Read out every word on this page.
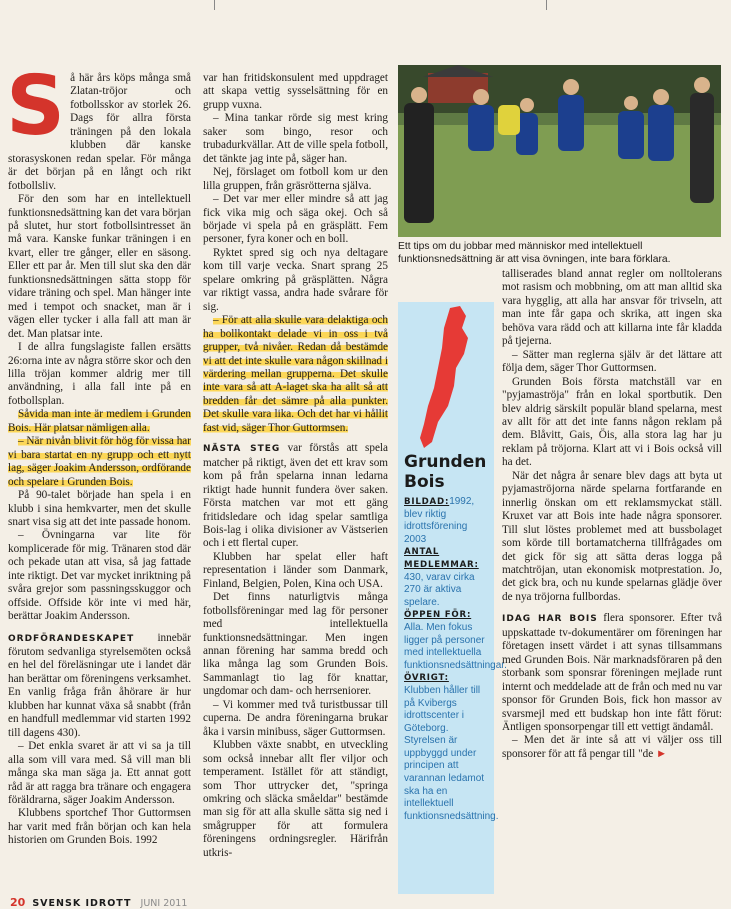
S å här års köps många små Zlatan-tröjor och fotbollsskor av storlek 26. Dags för allra första träningen på den lokala klubben där kanske storasyskonen redan spelar. För många är det början på en långt och rikt fotbollsliv.

För den som har en intellektuell funktionsnedsättning kan det vara början på slutet, hur stort fotbollsintresset än må vara. Kanske funkar träningen i en kvart, eller tre gånger, eller en säsong. Eller ett par år. Men till slut ska den där funktionsnedsättningen sätta stopp för vidare träning och spel. Man hänger inte med i tempot och snacket, man är i vägen eller tycker i alla fall att man är det. Man platsar inte.

I de allra fungslagiste fallen ersätts 26:orna inte av några större skor och den lilla tröjan kommer aldrig mer till användning, i alla fall inte på en fotbollsplan.

Såvida man inte är medlem i Grunden Bois. Här platsar nämligen alla.

– När nivån blivit för hög för vissa har vi bara startat en ny grupp och ett nytt lag, säger Joakim Andersson, ordförande och spelare i Grunden Bois.

På 90-talet började han spela i en klubb i sina hemkvarter, men det skulle snart visa sig att det inte passade honom.

– Övningarna var lite för komplicerade för mig. Tränaren stod där och pekade utan att visa, så jag fattade inte riktigt. Det var mycket inriktning på svåra grejor som passningsskuggor och offside. Offside kör inte vi med här, berättar Joakim Andersson.

ORDFÖRANDESKAPET innebär förutom sedvanliga styrelsemöten också en hel del föreläsningar ute i landet där han berättar om föreningens verksamhet. En vanlig fråga från åhörare är hur klubben har kunnat växa så snabbt (från en handfull medlemmar vid starten 1992 till dagens 430).

– Det enkla svaret är att vi sa ja till alla som vill vara med. Så vill man bli många ska man säga ja. Ett annat gott råd är att ragga bra tränare och engagera föräldrarna, säger Joakim Andersson.

Klubbens sportchef Thor Guttormsen har varit med från början och kan hela historien om Grunden Bois. 1992

var han fritidskonsulent med uppdraget att skapa vettig sysselsättning för en grupp vuxna.

– Mina tankar rörde sig mest kring saker som bingo, resor och trubadurkvällar. Att de ville spela fotboll, det tänkte jag inte på, säger han.

Nej, förslaget om fotboll kom ur den lilla gruppen, från gräsrötterna själva.

– Det var mer eller mindre så att jag fick vika mig och säga okej. Och så började vi spela på en gräsplätt. Fem personer, fyra koner och en boll.

Ryktet spred sig och nya deltagare kom till varje vecka. Snart sprang 25 spelare omkring på gräsplätten. Några var riktigt vassa, andra hade svårare för sig.

– För att alla skulle vara delaktiga och ha bollkontakt delade vi in oss i två grupper, två nivåer. Redan då bestämde vi att det inte skulle vara någon skillnad i värdering mellan grupperna. Det skulle inte vara så att A-laget ska ha allt så att bredden får det sämre på alla punkter. Det skulle vara lika. Och det har vi hållit fast vid, säger Thor Guttormsen.

NÄSTA STEG var förstås att spela matcher på riktigt, även det ett krav som kom på från spelarna innan ledarna riktigt hade hunnit fundera över saken. Första matchen var mot ett gäng fritidsledare och idag spelar samtliga Bois-lag i olika divisioner av Västserien och i ett flertal cuper.

Klubben har spelat eller haft representation i länder som Danmark, Finland, Belgien, Polen, Kina och USA.

Det finns naturligtvis många fotbollsföreningar med lag för personer med intellektuella funktionsnedsättningar. Men ingen annan förening har samma bredd och lika många lag som Grunden Bois. Sammanlagt tio lag för knattar, ungdomar och dam- och herrseniorer.

– Vi kommer med två turistbussar till cuperna. De andra föreningarna brukar åka i varsin minibuss, säger Guttormsen.

Klubben växte snabbt, en utveckling som också innebar allt fler viljor och temperament. Istället för att ständigt, som Thor uttrycker det, "springa omkring och släcka småeldar" bestämde man sig för att alla skulle sätta sig ned i smågrupper för att formulera föreningens ordningsregler. Härifrån utkris-

Ett tips om du jobbar med människor med intellektuell funktionsnedsättning är att visa övningen, inte bara förklara.
Grunden Bois
BILDAD:1992, blev riktig idrottsförening 2003
ANTAL MEDLEMMAR: 430, varav cirka 270 är aktiva spelare.
ÖPPEN FÖR: Alla. Men fokus ligger på personer med intellektuella funktionsnedsättningar.
ÖVRIGT: Klubben håller till på Kvibergs idrottscenter i Göteborg. Styrelsen är uppbyggd under principen att varannan ledamot ska ha en intellektuell funktionsnedsättning.

talliserades bland annat regler om nolltolerans mot rasism och mobbning, om att man alltid ska vara hygglig, att alla har ansvar för trivseln, att man inte får gapa och skrika, att ingen ska behöva vara rädd och att killarna inte får kladda på tjejerna.

– Sätter man reglerna själv är det lättare att följa dem, säger Thor Guttormsen.

Grunden Bois första matchställ var en "pyjamaströja" från en lokal sportbutik. Den blev aldrig särskilt populär bland spelarna, mest av allt för att det inte fanns någon reklam på dem. Blåvitt, Gais, Öis, alla stora lag har ju reklam på tröjorna. Klart att vi i Bois också vill ha det.

När det några år senare blev dags att byta ut pyjamaströjorna närde spelarna fortfarande en innerlig önskan om ett reklamsmyckat ställ. Kruxet var att Bois inte hade några sponsorer. Till slut löstes problemet med att bussbolaget som körde till bortamatcherna tillfrågades om det gick för sig att sätta deras logga på matchtröjan, utan ekonomisk motprestation. Jo, det gick bra, och nu kunde spelarnas glädje över de nya tröjorna fullbordas.

IDAG HAR BOIS flera sponsorer. Efter två uppskattade tv-dokumentärer om föreningen har företagen insett värdet i att synas tillsammans med Grunden Bois. När marknadsföraren på den storbank som sponsrar föreningen mejlade runt internt och meddelade att de från och med nu var sponsor för Grunden Bois, fick hon massor av svarsmejl med ett budskap hon inte fått förut: Äntligen sponsorpengar till ett vettigt ändamål.

– Men det är inte så att vi väljer oss till sponsorer för att få pengar till "de ►

20 SVENSK IDROTT JUNI 2011
